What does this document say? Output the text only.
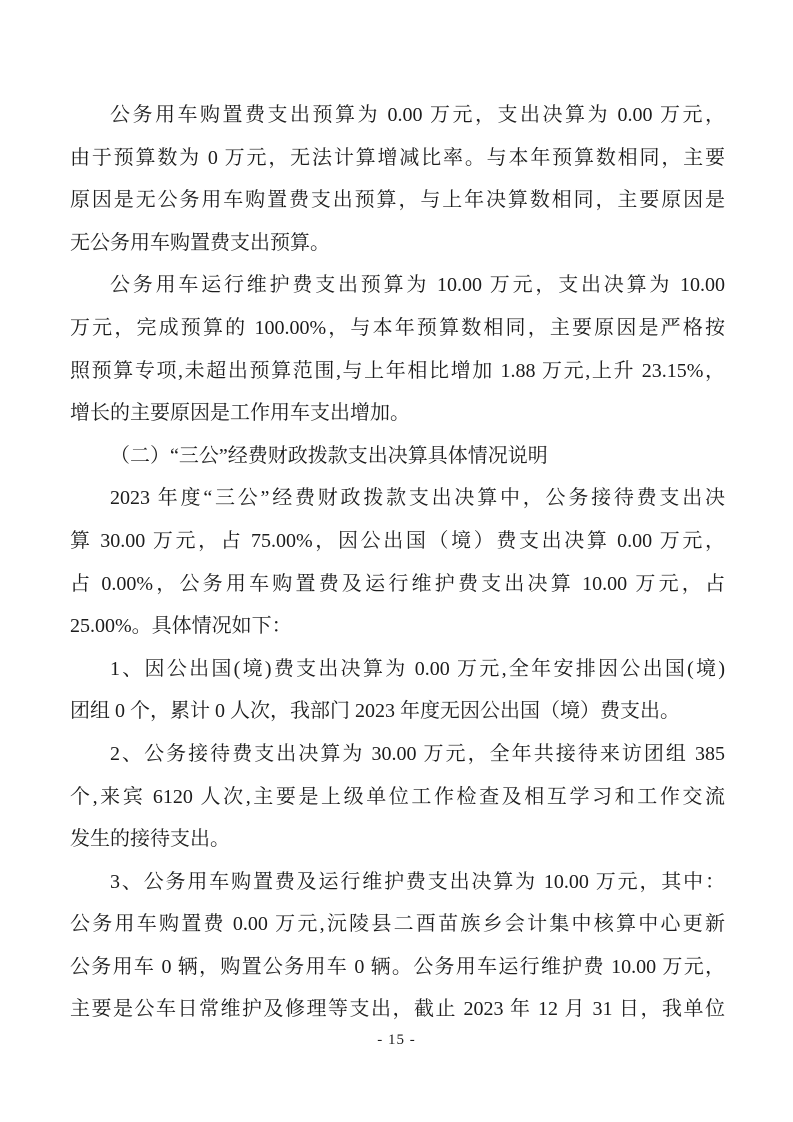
公务用车购置费支出预算为 0.00 万元，支出决算为 0.00 万元，
由于预算数为 0 万元，无法计算增减比率。与本年预算数相同，主要
原因是无公务用车购置费支出预算，与上年决算数相同，主要原因是
无公务用车购置费支出预算。
公务用车运行维护费支出预算为 10.00 万元，支出决算为 10.00
万元，完成预算的 100.00%，与本年预算数相同，主要原因是严格按
照预算专项,未超出预算范围,与上年相比增加 1.88 万元,上升 23.15%，
增长的主要原因是工作用车支出增加。
（二）“三公”经费财政拨款支出决算具体情况说明
2023 年度“三公”经费财政拨款支出决算中，公务接待费支出决
算 30.00 万元，占 75.00%，因公出国（境）费支出决算 0.00 万元，
占 0.00%，公务用车购置费及运行维护费支出决算 10.00 万元，占
25.00%。具体情况如下：
1、因公出国(境)费支出决算为 0.00 万元,全年安排因公出国(境)
团组 0 个，累计 0 人次，我部门 2023 年度无因公出国（境）费支出。
2、公务接待费支出决算为 30.00 万元，全年共接待来访团组 385
个,来宾 6120 人次,主要是上级单位工作检查及相互学习和工作交流
发生的接待支出。
3、公务用车购置费及运行维护费支出决算为 10.00 万元，其中：
公务用车购置费 0.00 万元,沅陵县二酉苗族乡会计集中核算中心更新
公务用车 0 辆，购置公务用车 0 辆。公务用车运行维护费 10.00 万元，
主要是公车日常维护及修理等支出，截止 2023 年 12 月 31 日，我单位
- 15 -
